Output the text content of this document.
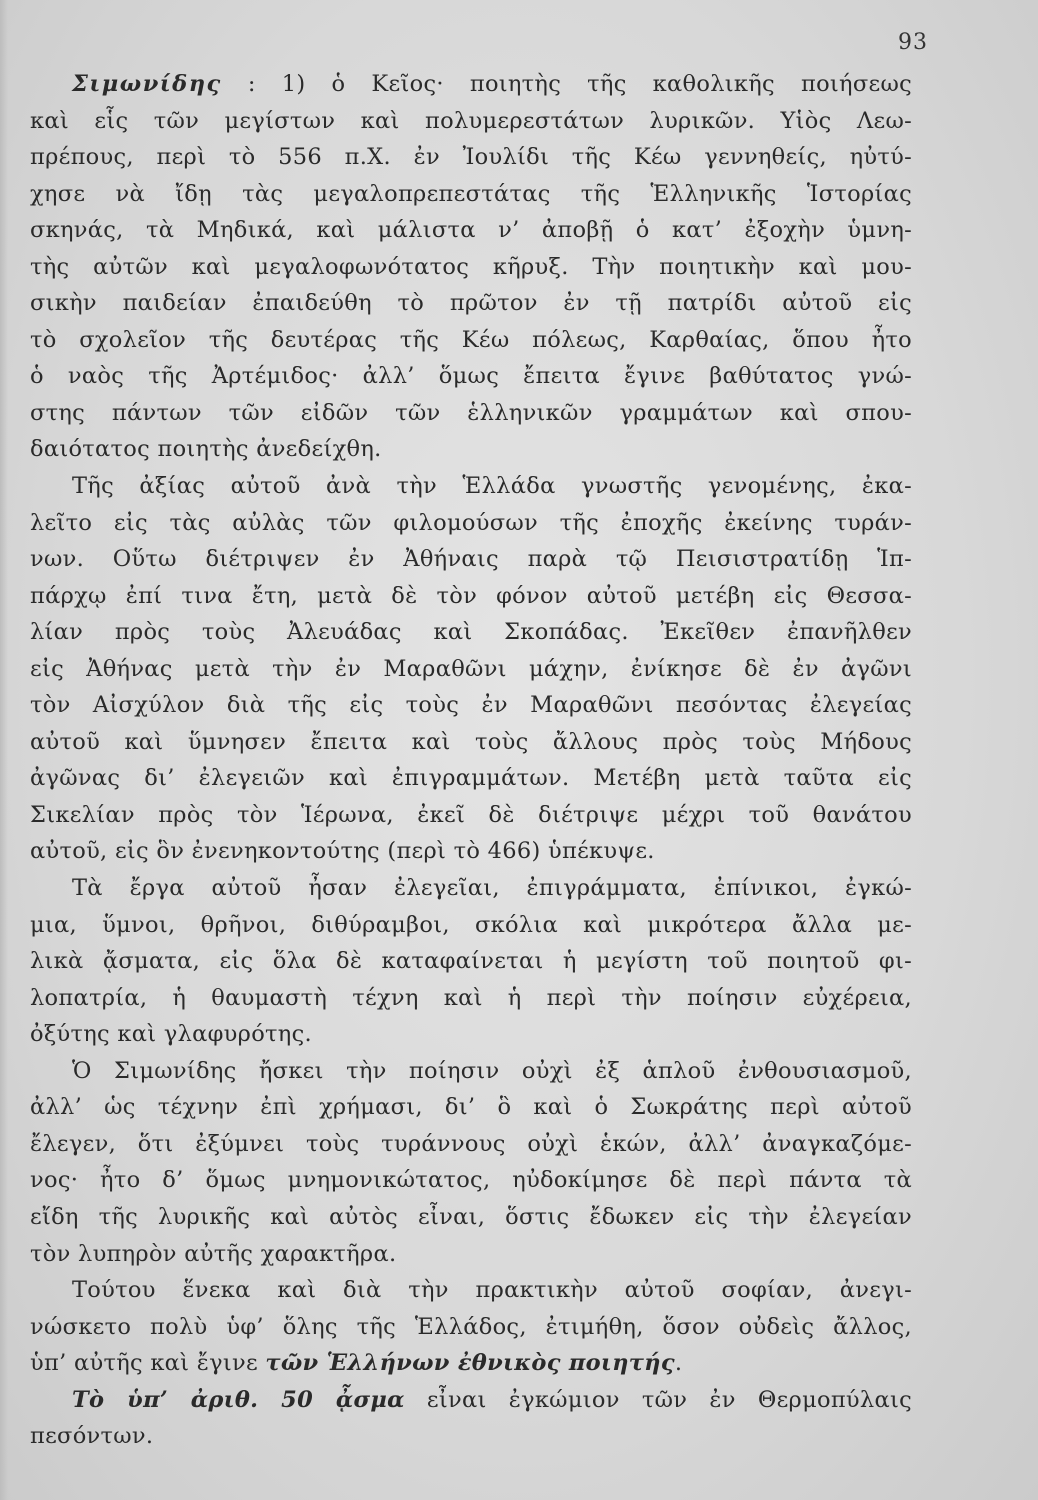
93
Σιμωνίδης : 1) ὁ Κεῖος· ποιητὴς τῆς καθολικῆς ποιήσεως
καὶ εἷς τῶν μεγίστων καὶ πολυμερεστάτων λυρικῶν. Υἱὸς Λεω-
πρέπους, περὶ τὸ 556 π.Χ. ἐν Ἰουλίδι τῆς Κέω γεννηθείς, ηὐτύ-
χησε νὰ ἴδῃ τὰς μεγαλοπρεπεστάτας τῆς Ἑλληνικῆς Ἱστορίας
σκηνάς, τὰ Μηδικά, καὶ μάλιστα ν’ ἀποβῇ ὁ κατ’ ἐξοχὴν ὑμνη-
τὴς αὐτῶν καὶ μεγαλοφωνότατος κῆρυξ. Τὴν ποιητικὴν καὶ μου-
σικὴν παιδείαν ἐπαιδεύθη τὸ πρῶτον ἐν τῇ πατρίδι αὐτοῦ εἰς
τὸ σχολεῖον τῆς δευτέρας τῆς Κέω πόλεως, Καρθαίας, ὅπου ἦτο
ὁ ναὸς τῆς Ἀρτέμιδος· ἀλλ’ ὅμως ἔπειτα ἔγινε βαθύτατος γνώ-
στης πάντων τῶν εἰδῶν τῶν ἑλληνικῶν γραμμάτων καὶ σπου-
δαιότατος ποιητὴς ἀνεδείχθη.
Τῆς ἀξίας αὐτοῦ ἀνὰ τὴν Ἑλλάδα γνωστῆς γενομένης, ἐκα-
λεῖτο εἰς τὰς αὐλὰς τῶν φιλομούσων τῆς ἐποχῆς ἐκείνης τυράν-
νων. Οὕτω διέτριψεν ἐν Ἀθήναις παρὰ τῷ Πεισιστρατίδῃ Ἱπ-
πάρχῳ ἐπί τινα ἔτη, μετὰ δὲ τὸν φόνον αὐτοῦ μετέβη εἰς Θεσσα-
λίαν πρὸς τοὺς Ἀλευάδας καὶ Σκοπάδας. Ἐκεῖθεν ἐπανῆλθεν
εἰς Ἀθήνας μετὰ τὴν ἐν Μαραθῶνι μάχην, ἐνίκησε δὲ ἐν ἀγῶνι
τὸν Αἰσχύλον διὰ τῆς εἰς τοὺς ἐν Μαραθῶνι πεσόντας ἐλεγείας
αὐτοῦ καὶ ὕμνησεν ἔπειτα καὶ τοὺς ἄλλους πρὸς τοὺς Μήδους
ἀγῶνας δι’ ἐλεγειῶν καὶ ἐπιγραμμάτων. Μετέβη μετὰ ταῦτα εἰς
Σικελίαν πρὸς τὸν Ἱέρωνα, ἐκεῖ δὲ διέτριψε μέχρι τοῦ θανάτου
αὐτοῦ, εἰς ὃν ἐνενηκοντούτης (περὶ τὸ 466) ὑπέκυψε.
Τὰ ἔργα αὐτοῦ ἦσαν ἐλεγεῖαι, ἐπιγράμματα, ἐπίνικοι, ἐγκώ-
μια, ὕμνοι, θρῆνοι, διθύραμβοι, σκόλια καὶ μικρότερα ἄλλα με-
λικὰ ᾄσματα, εἰς ὅλα δὲ καταφαίνεται ἡ μεγίστη τοῦ ποιητοῦ φι-
λοπατρία, ἡ θαυμαστὴ τέχνη καὶ ἡ περὶ τὴν ποίησιν εὐχέρεια,
ὀξύτης καὶ γλαφυρότης.
Ὁ Σιμωνίδης ἤσκει τὴν ποίησιν οὐχὶ ἐξ ἁπλοῦ ἐνθουσιασμοῦ,
ἀλλ’ ὡς τέχνην ἐπὶ χρήμασι, δι’ ὃ καὶ ὁ Σωκράτης περὶ αὐτοῦ
ἔλεγεν, ὅτι ἐξύμνει τοὺς τυράννους οὐχὶ ἑκών, ἀλλ’ ἀναγκαζόμε-
νος· ἦτο δ’ ὅμως μνημονικώτατος, ηὐδοκίμησε δὲ περὶ πάντα τὰ
εἴδη τῆς λυρικῆς καὶ αὐτὸς εἶναι, ὅστις ἔδωκεν εἰς τὴν ἐλεγείαν
τὸν λυπηρὸν αὐτῆς χαρακτῆρα.
Τούτου ἕνεκα καὶ διὰ τὴν πρακτικὴν αὐτοῦ σοφίαν, ἀνεγι-
νώσκετο πολὺ ὑφ’ ὅλης τῆς Ἑλλάδος, ἐτιμήθη, ὅσον οὐδεὶς ἄλλος,
ὑπ’ αὐτῆς καὶ ἔγινε τῶν Ἑλλήνων ἐθνικὸς ποιητής.
Τὸ ὑπ’ ἀριθ. 50 ᾆσμα εἶναι ἐγκώμιον τῶν ἐν Θερμοπύλαις
πεσόντων.
